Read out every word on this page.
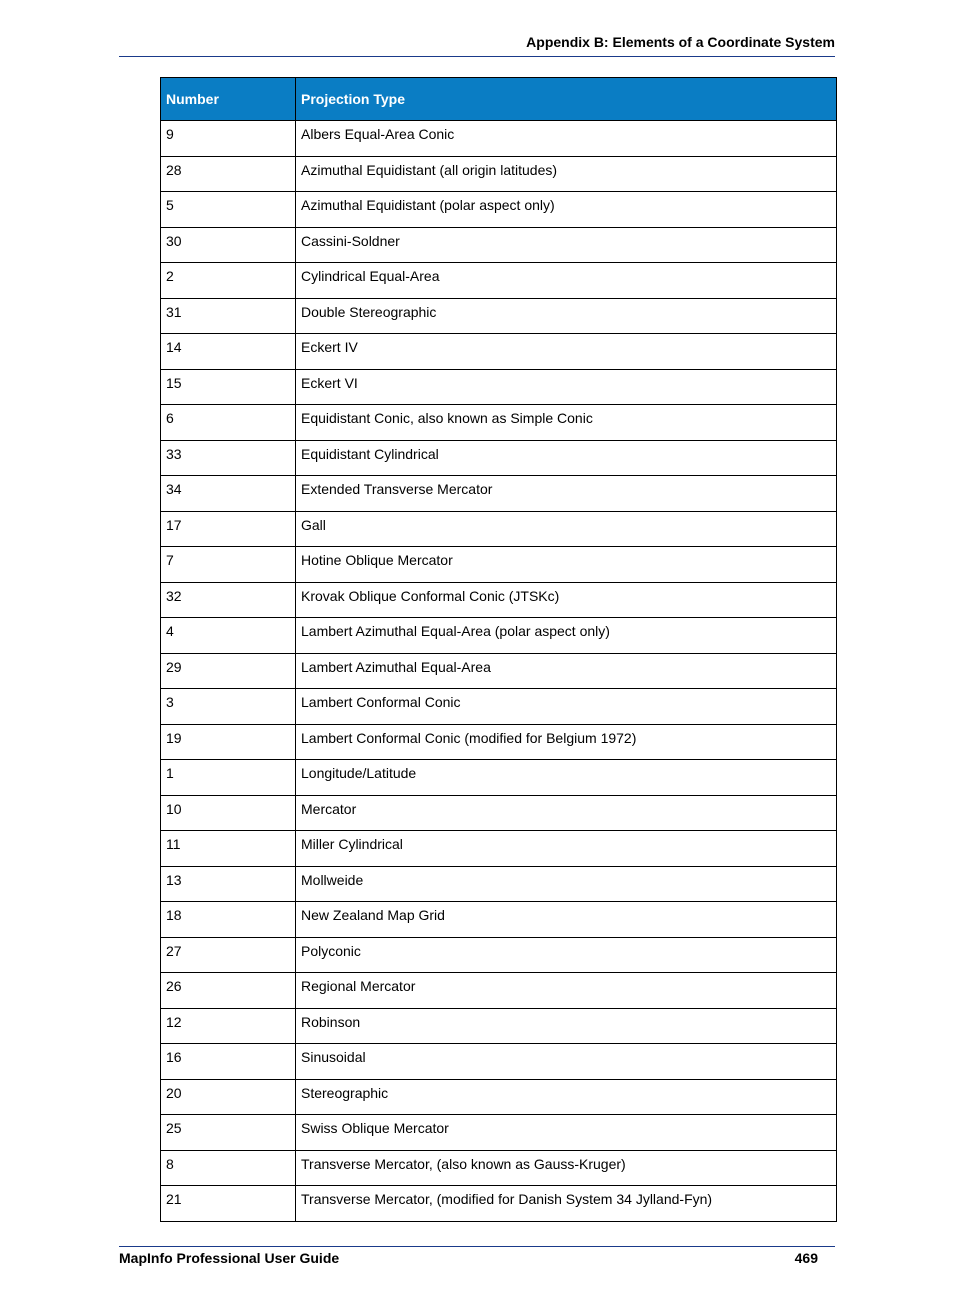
Appendix B: Elements of a Coordinate System
Number	Projection Type
9	Albers Equal-Area Conic
28	Azimuthal Equidistant (all origin latitudes)
5	Azimuthal Equidistant (polar aspect only)
30	Cassini-Soldner
2	Cylindrical Equal-Area
31	Double Stereographic
14	Eckert IV
15	Eckert VI
6	Equidistant Conic, also known as Simple Conic
33	Equidistant Cylindrical
34	Extended Transverse Mercator
17	Gall
7	Hotine Oblique Mercator
32	Krovak Oblique Conformal Conic (JTSKc)
4	Lambert Azimuthal Equal-Area (polar aspect only)
29	Lambert Azimuthal Equal-Area
3	Lambert Conformal Conic
19	Lambert Conformal Conic (modified for Belgium 1972)
1	Longitude/Latitude
10	Mercator
11	Miller Cylindrical
13	Mollweide
18	New Zealand Map Grid
27	Polyconic
26	Regional Mercator
12	Robinson
16	Sinusoidal
20	Stereographic
25	Swiss Oblique Mercator
8	Transverse Mercator, (also known as Gauss-Kruger)
21	Transverse Mercator, (modified for Danish System 34 Jylland-Fyn)
MapInfo Professional User Guide	469
